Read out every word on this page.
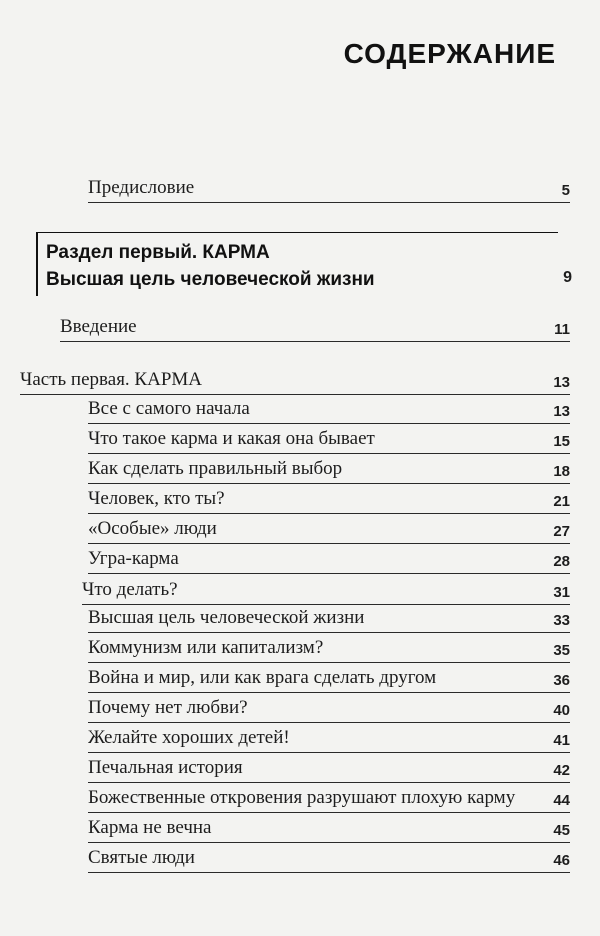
СОДЕРЖАНИЕ
Предисловие	5
Раздел первый. КАРМА
Высшая цель человеческой жизни	9
Введение	11
Часть первая. КАРМА	13
Все с самого начала	13
Что такое карма и какая она бывает	15
Как сделать правильный выбор	18
Человек, кто ты?	21
«Особые» люди	27
Угра-карма	28
Что делать?	31
Высшая цель человеческой жизни	33
Коммунизм или капитализм?	35
Война и мир, или как врага сделать другом	36
Почему нет любви?	40
Желайте хороших детей!	41
Печальная история	42
Божественные откровения разрушают плохую карму	44
Карма не вечна	45
Святые люди	46
